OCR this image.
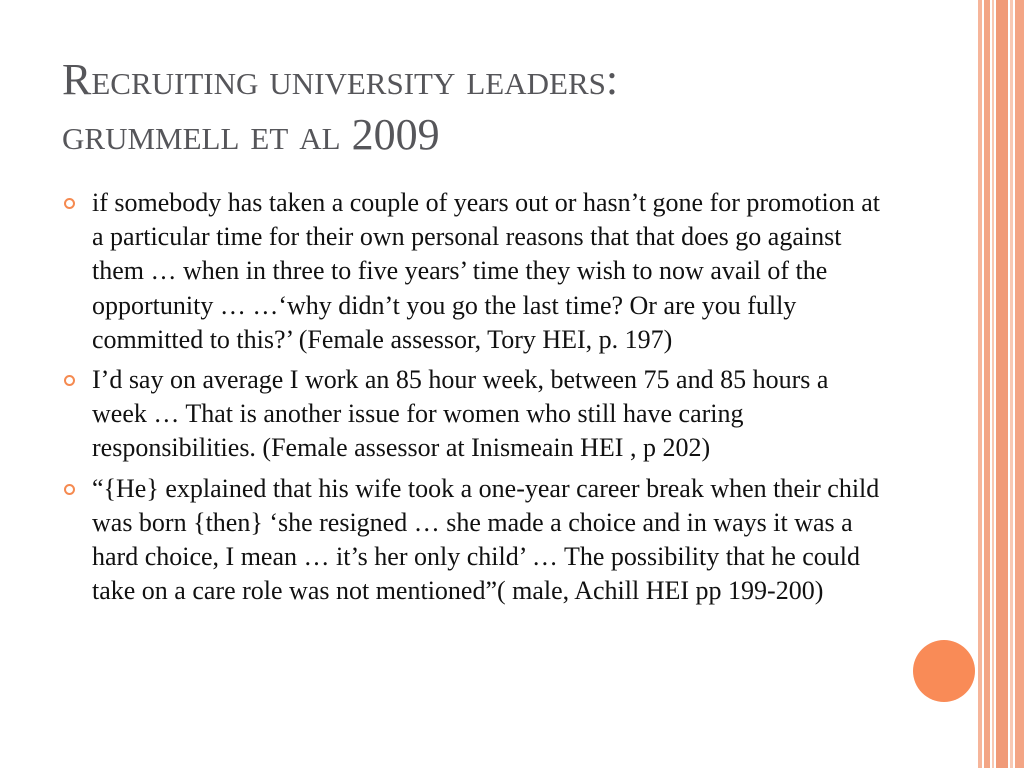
Recruiting university leaders:
grummell et al 2009
if somebody has taken a couple of years out or hasn’t gone for promotion at a particular time for their own personal reasons that that does go against them … when in three to five years’ time they wish to now avail of the opportunity … …‘why didn’t you go the last time? Or are you fully committed to this?’ (Female assessor, Tory HEI, p. 197)
I’d say on average I work an 85 hour week, between 75 and 85 hours a week … That is another issue for women who still have caring responsibilities. (Female assessor at Inismeain HEI , p 202)
“{He} explained that his wife took a one-year career break when their child was born {then} ‘she resigned … she made a choice and in ways it was a hard choice, I mean … it’s her only child’ … The possibility that he could take on a care role was not mentioned”( male, Achill HEI pp 199-200)
